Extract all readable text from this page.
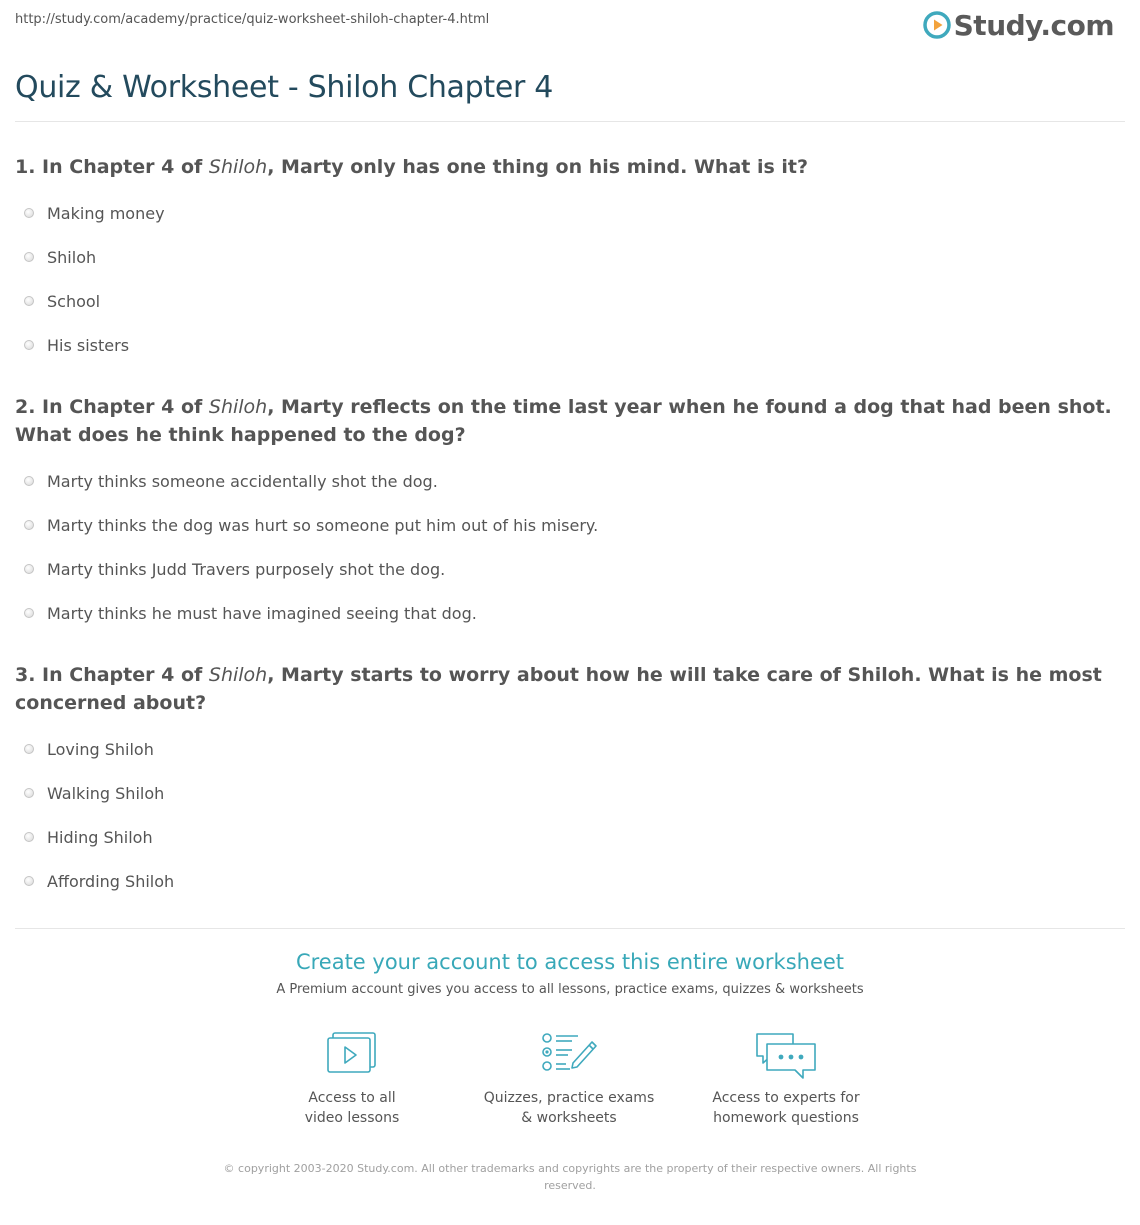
http://study.com/academy/practice/quiz-worksheet-shiloh-chapter-4.html	Study.com
Quiz & Worksheet - Shiloh Chapter 4

1. In Chapter 4 of Shiloh, Marty only has one thing on his mind. What is it?

Making money
Shiloh
School
His sisters

2. In Chapter 4 of Shiloh, Marty reflects on the time last year when he found a dog that had been shot. What does he think happened to the dog?

Marty thinks someone accidentally shot the dog.
Marty thinks the dog was hurt so someone put him out of his misery.
Marty thinks Judd Travers purposely shot the dog.
Marty thinks he must have imagined seeing that dog.

3. In Chapter 4 of Shiloh, Marty starts to worry about how he will take care of Shiloh. What is he most concerned about?

Loving Shiloh
Walking Shiloh
Hiding Shiloh
Affording Shiloh
Create your account to access this entire worksheet
A Premium account gives you access to all lessons, practice exams, quizzes & worksheets
Access to all
video lessons
Quizzes, practice exams
& worksheets
Access to experts for
homework questions
© copyright 2003-2020 Study.com. All other trademarks and copyrights are the property of their respective owners. All rights
reserved.
